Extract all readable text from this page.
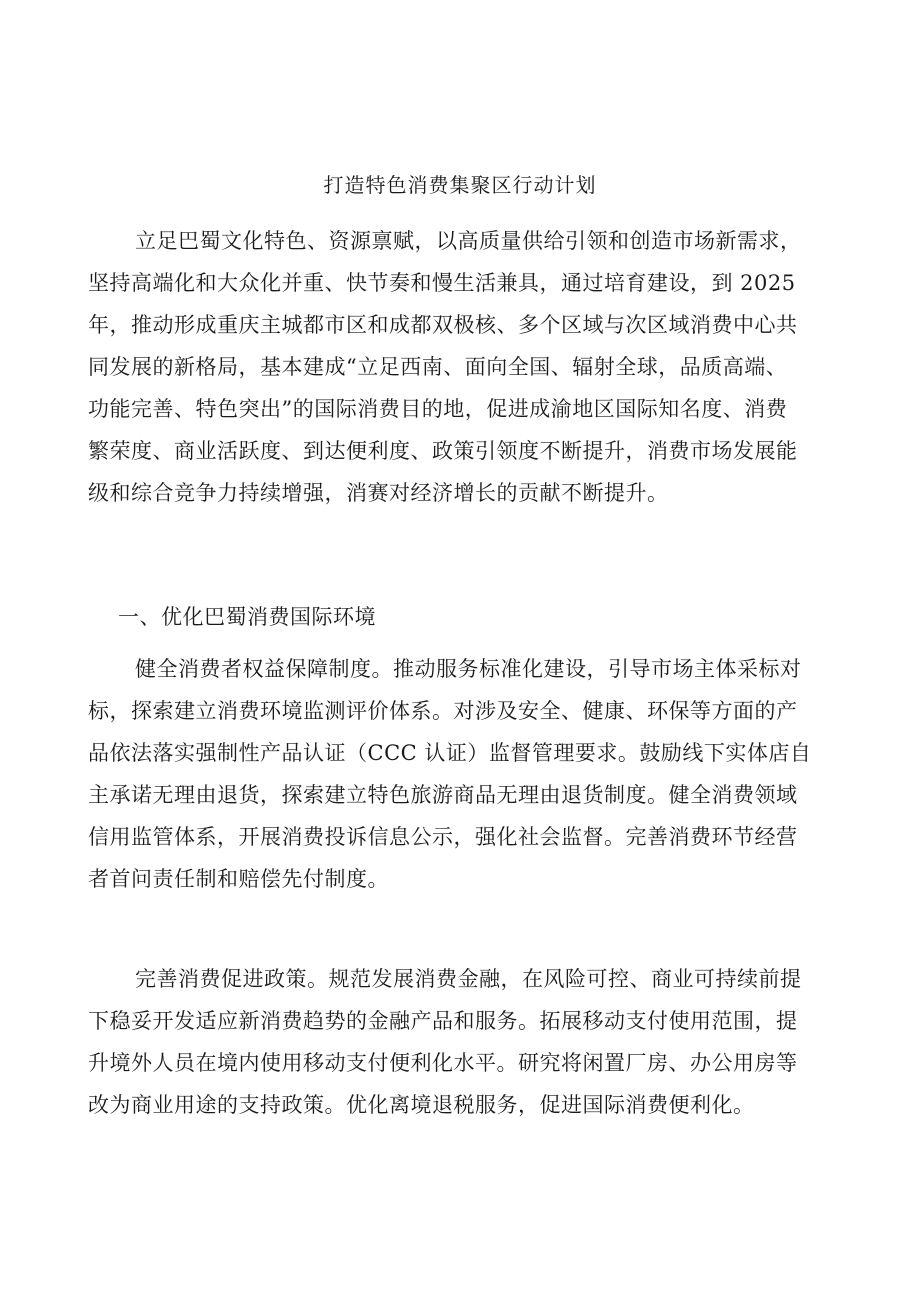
打造特色消费集聚区行动计划
立足巴蜀文化特色、资源禀赋，以高质量供给引领和创造市场新需求，
坚持高端化和大众化并重、快节奏和慢生活兼具，通过培育建设，到 2025
年，推动形成重庆主城都市区和成都双极核、多个区域与次区域消费中心共
同发展的新格局，基本建成“立足西南、面向全国、辐射全球，品质高端、
功能完善、特色突出”的国际消费目的地，促进成渝地区国际知名度、消费
繁荣度、商业活跃度、到达便利度、政策引领度不断提升，消费市场发展能
级和综合竞争力持续增强，消赛对经济增长的贡献不断提升。
一、优化巴蜀消费国际环境
健全消费者权益保障制度。推动服务标准化建设，引导市场主体采标对
标，探索建立消费环境监测评价体系。对涉及安全、健康、环保等方面的产
品依法落实强制性产品认证（CCC 认证）监督管理要求。鼓励线下实体店自
主承诺无理由退货，探索建立特色旅游商品无理由退货制度。健全消费领域
信用监管体系，开展消费投诉信息公示，强化社会监督。完善消费环节经营
者首问责任制和赔偿先付制度。
完善消费促进政策。规范发展消费金融，在风险可控、商业可持续前提
下稳妥开发适应新消费趋势的金融产品和服务。拓展移动支付使用范围，提
升境外人员在境内使用移动支付便利化水平。研究将闲置厂房、办公用房等
改为商业用途的支持政策。优化离境退税服务，促进国际消费便利化。
